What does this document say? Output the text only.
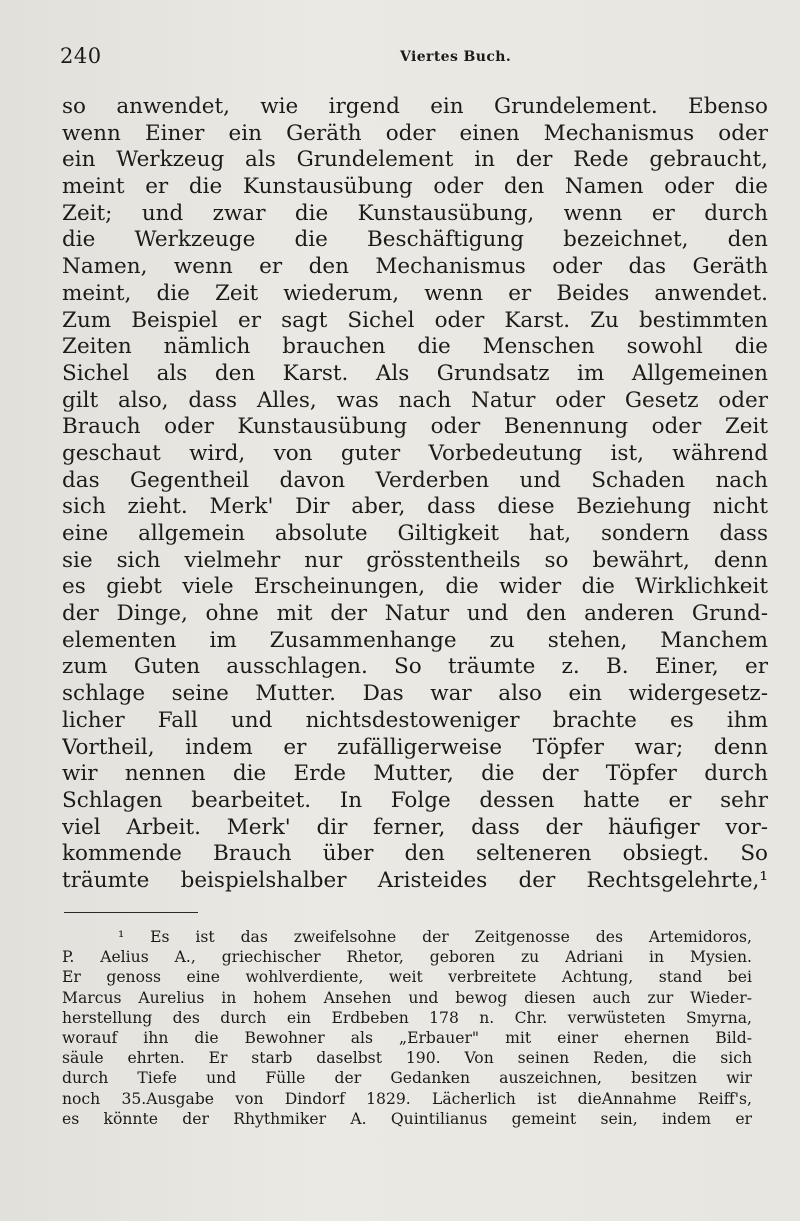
240	Viertes Buch.
so anwendet, wie irgend ein Grundelement. Ebenso
wenn Einer ein Geräth oder einen Mechanismus oder
ein Werkzeug als Grundelement in der Rede gebraucht,
meint er die Kunstausübung oder den Namen oder die
Zeit; und zwar die Kunstausübung, wenn er durch
die Werkzeuge die Beschäftigung bezeichnet, den
Namen, wenn er den Mechanismus oder das Geräth
meint, die Zeit wiederum, wenn er Beides anwendet.
Zum Beispiel er sagt Sichel oder Karst. Zu bestimmten
Zeiten nämlich brauchen die Menschen sowohl die
Sichel als den Karst. Als Grundsatz im Allgemeinen
gilt also, dass Alles, was nach Natur oder Gesetz oder
Brauch oder Kunstausübung oder Benennung oder Zeit
geschaut wird, von guter Vorbedeutung ist, während
das Gegentheil davon Verderben und Schaden nach
sich zieht. Merk' Dir aber, dass diese Beziehung nicht
eine allgemein absolute Giltigkeit hat, sondern dass
sie sich vielmehr nur grösstentheils so bewährt, denn
es giebt viele Erscheinungen, die wider die Wirklichkeit
der Dinge, ohne mit der Natur und den anderen Grund-
elementen im Zusammenhange zu stehen, Manchem
zum Guten ausschlagen. So träumte z. B. Einer, er
schlage seine Mutter. Das war also ein widergesetz-
licher Fall und nichtsdestoweniger brachte es ihm
Vortheil, indem er zufälligerweise Töpfer war; denn
wir nennen die Erde Mutter, die der Töpfer durch
Schlagen bearbeitet. In Folge dessen hatte er sehr
viel Arbeit. Merk' dir ferner, dass der häufiger vor-
kommende Brauch über den selteneren obsiegt. So
träumte beispielshalber Aristeides der Rechtsgelehrte,¹
¹ Es ist das zweifelsohne der Zeitgenosse des Artemidoros,
P. Aelius A., griechischer Rhetor, geboren zu Adriani in Mysien.
Er genoss eine wohlverdiente, weit verbreitete Achtung, stand bei
Marcus Aurelius in hohem Ansehen und bewog diesen auch zur Wieder-
herstellung des durch ein Erdbeben 178 n. Chr. verwüsteten Smyrna,
worauf ihn die Bewohner als „Erbauer" mit einer ehernen Bild-
säule ehrten. Er starb daselbst 190. Von seinen Reden, die sich
durch Tiefe und Fülle der Gedanken auszeichnen, besitzen wir
noch 35.Ausgabe von Dindorf 1829. Lächerlich ist dieAnnahme Reiff's,
es könnte der Rhythmiker A. Quintilianus gemeint sein, indem er
